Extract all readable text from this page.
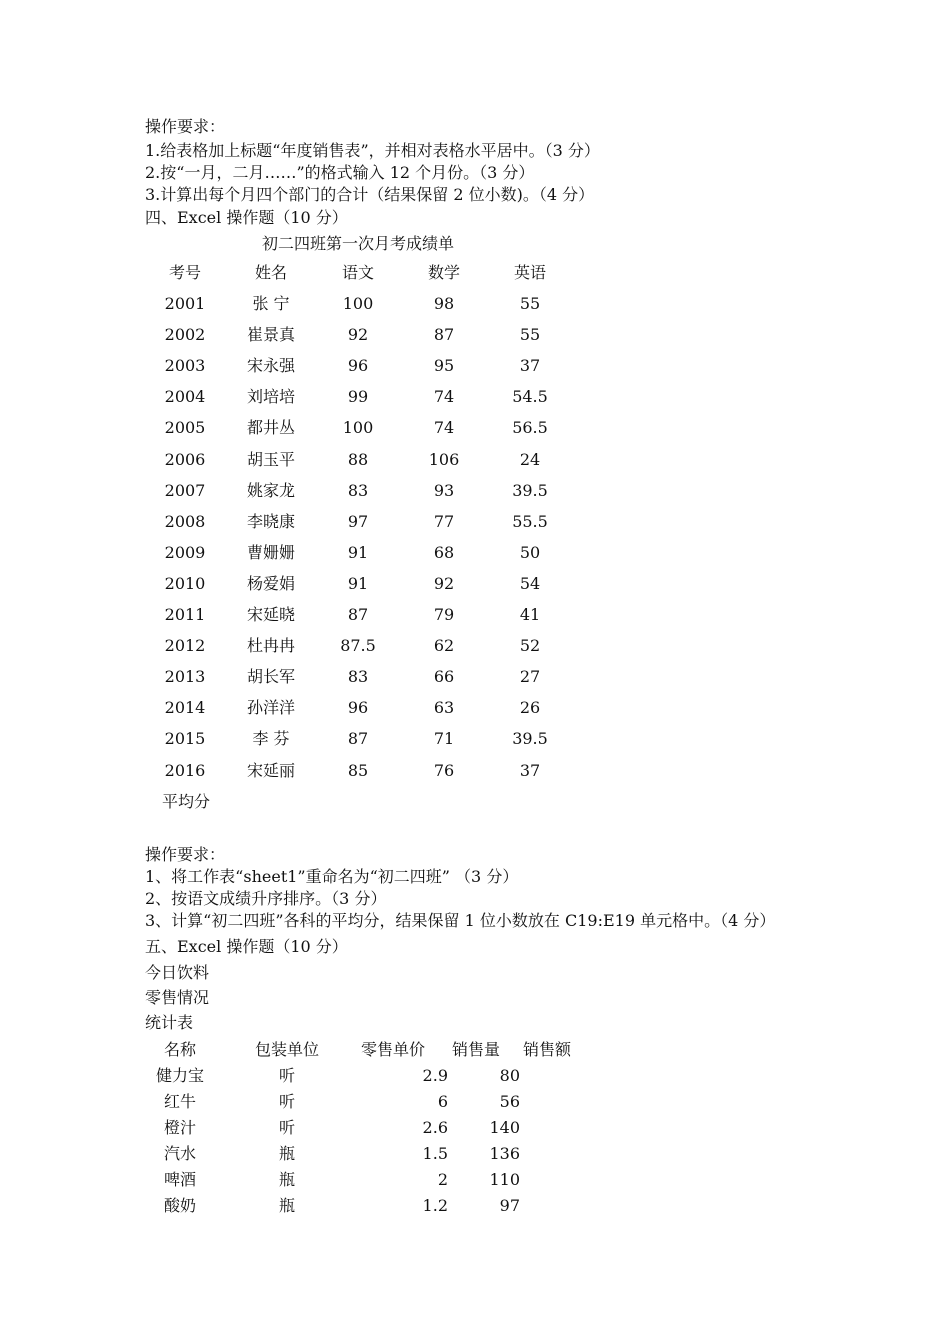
操作要求：
1.给表格加上标题“年度销售表”，并相对表格水平居中。（3 分）
2.按“一月，二月……”的格式输入 12 个月份。（3 分）
3.计算出每个月四个部门的合计（结果保留 2 位小数)。（4 分）
四、Excel 操作题（10 分）
初二四班第一次月考成绩单
考号	姓名	语文	数学	英语
2001	张 宁	100	98	55
2002	崔景真	92	87	55
2003	宋永强	96	95	37
2004	刘培培	99	74	54.5
2005	都井丛	100	74	56.5
2006	胡玉平	88	106	24
2007	姚家龙	83	93	39.5
2008	李晓康	97	77	55.5
2009	曹姗姗	91	68	50
2010	杨爱娟	91	92	54
2011	宋延晓	87	79	41
2012	杜冉冉	87.5	62	52
2013	胡长军	83	66	27
2014	孙洋洋	96	63	26
2015	李 芬	87	71	39.5
2016	宋延丽	85	76	37
平均分
操作要求：
1、将工作表“sheet1”重命名为“初二四班” （3 分）
2、按语文成绩升序排序。（3 分）
3、计算“初二四班”各科的平均分，结果保留 1 位小数放在 C19:E19 单元格中。（4 分）
五、Excel 操作题（10 分）
今日饮料
零售情况
统计表
名称	包装单位	零售单价 销售量 销售额
健力宝	听	2.9	80
红牛	听	6	56
橙汁	听	2.6	140
汽水	瓶	1.5	136
啤酒	瓶	2	110
酸奶	瓶	1.2	97
